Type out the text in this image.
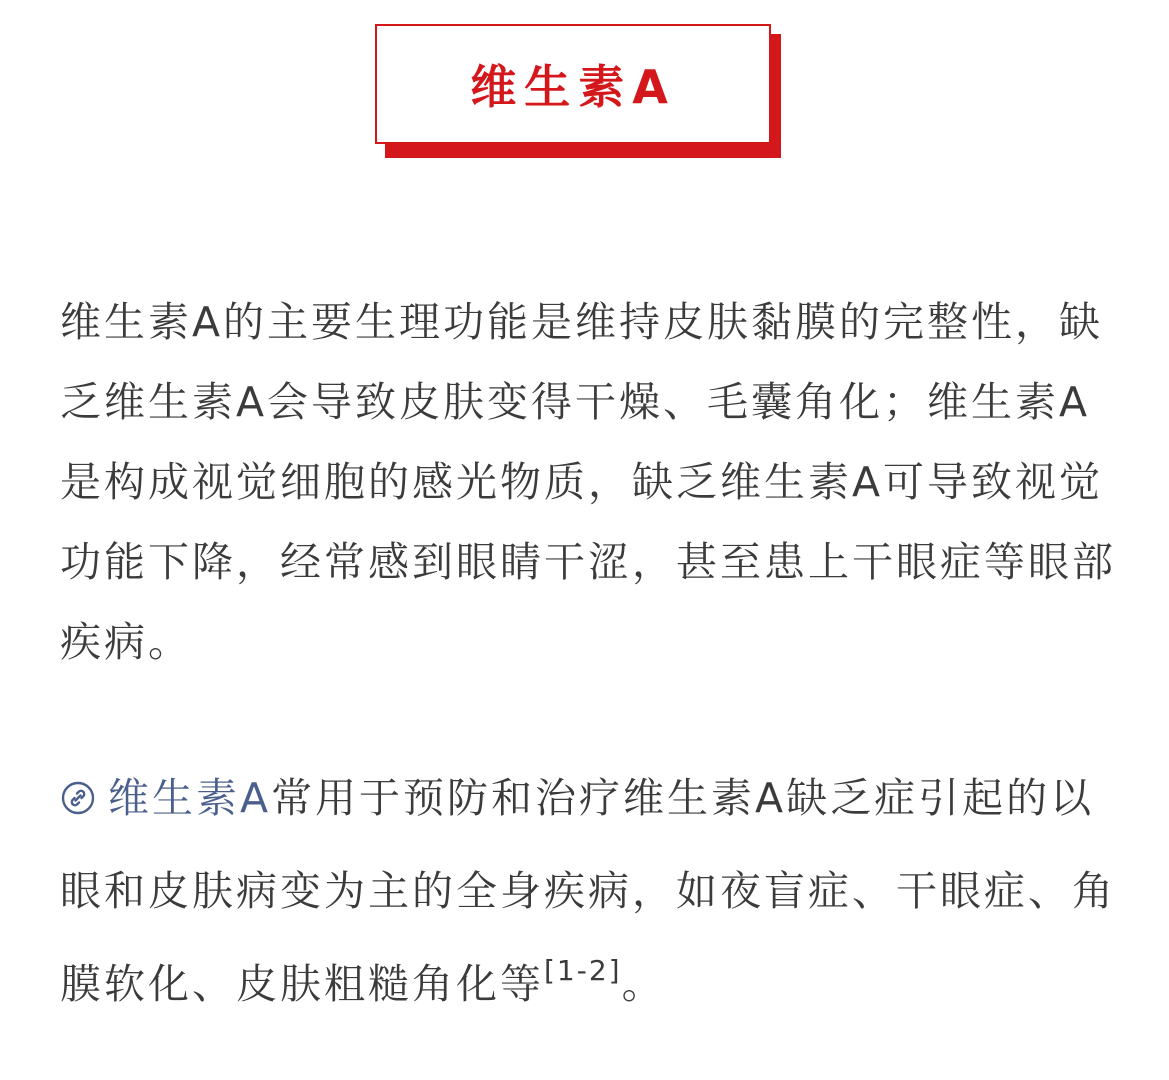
维生素A

维生素A的主要生理功能是维持皮肤黏膜的完整性，缺乏维生素A会导致皮肤变得干燥、毛囊角化；维生素A是构成视觉细胞的感光物质，缺乏维生素A可导致视觉功能下降，经常感到眼睛干涩，甚至患上干眼症等眼部疾病。

维生素A常用于预防和治疗维生素A缺乏症引起的以眼和皮肤病变为主的全身疾病，如夜盲症、干眼症、角膜软化、皮肤粗糙角化等[1-2]。
